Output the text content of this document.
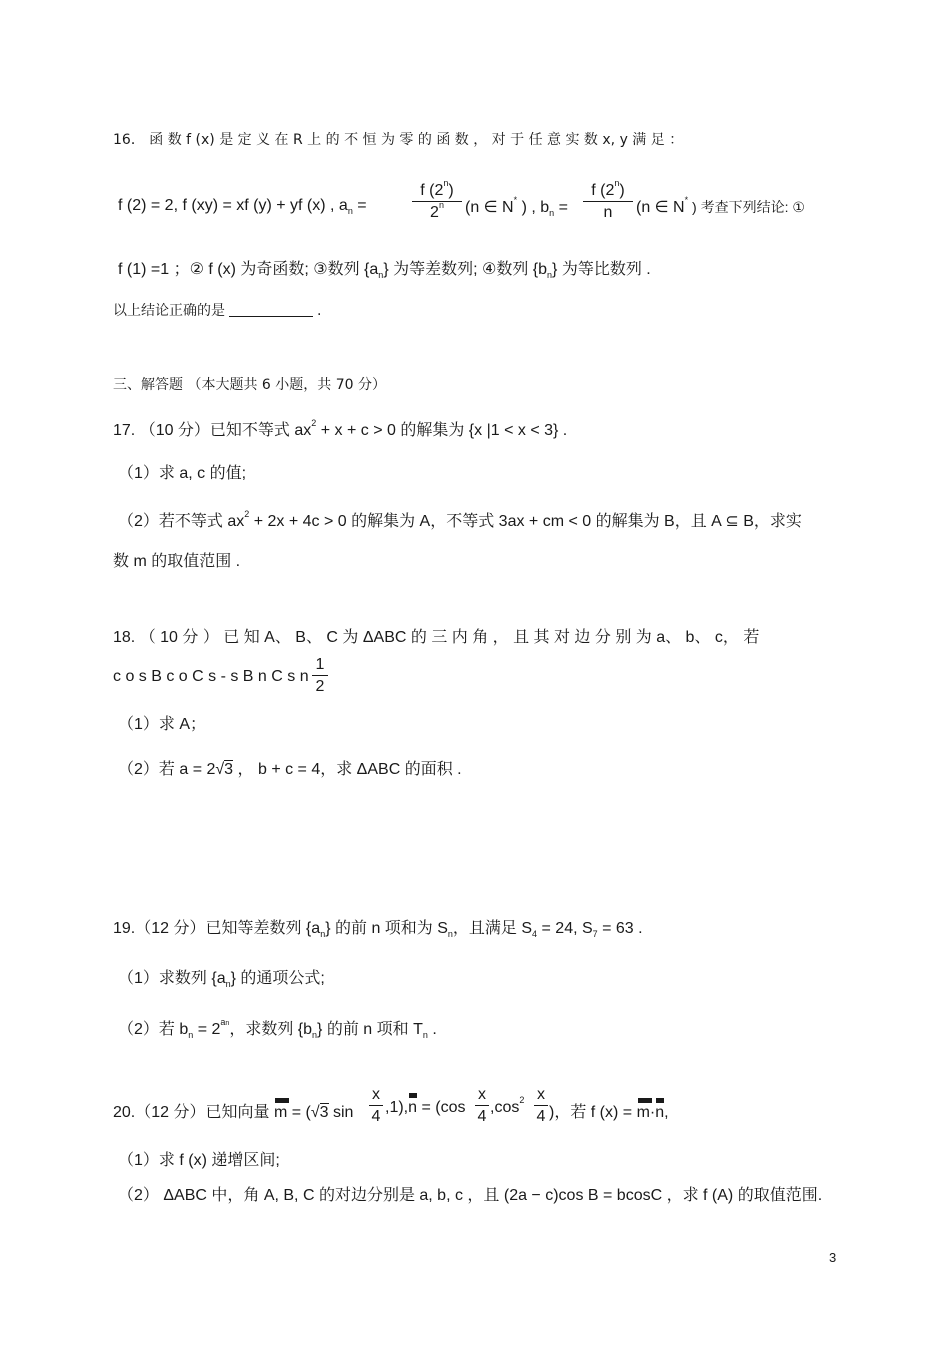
16． 函 数 f (x) 是 定 义 在 R 上 的 不 恒 为 零 的 函 数 ， 对 于 任 意 实 数 x, y 满 足 ：
f (2) = 2, f (xy) = xf (y) + yf (x) , $a_n$ =
f (2$^n$)
2$^n$	(n ∈ N* ) , $b_n$ =
f (2$^n$)
n	(n ∈ N* ) 考查下列结论: ①
f (1) =1 ；② f (x) 为奇函数; ③数列 $\{a_n\}$ 为等差数列; ④数列 $\{b_n\}$ 为等比数列 .
以上结论正确的是	.
三、解答题 （本大题共 6 小题，共 70 分）
17. （10 分）已知不等式 $ax^2 + x + c > 0$ 的解集为 {x |1 < x < 3} .
（1）求 a, c 的值;
（2）若不等式 $ax^2 + 2x + 4c > 0$ 的解集为 A，不等式 3ax + cm < 0 的解集为 B，且 A ⊆ B，求实
数 m 的取值范围 .
18. （ 10 分 ） 已 知 A、 B、 C 为 ΔABC 的 三 内 角 ， 且 其 对 边 分 别 为 a、 b、 c， 若
c o s B c o C s - s B n C s n
1
2
（1）求 A；
（2）若 a = 2√3 ， b + c = 4，求 ΔABC 的面积 .
19.（12 分）已知等差数列 $\{a_n\}$ 的前 n 项和为 $S_n$，且满足 $S_4 = 24$, $S_7 = 63$ .
（1）求数列 $\{a_n\}$ 的通项公式;
（2）若 $b_n = 2^{an}$，求数列 $\{b_n\}$ 的前 n 项和 $T_n$ .
20.（12 分）已知向量 m = (√3 sin
x
4
,1),
n = (cos
x
4
$,\cos^2$ x
4 )，若 f (x) = m·
n,
（1）求 f (x) 递增区间;
（2） ΔABC 中，角 A, B, C 的对边分别是 a, b, c ，且 (2a − c)cos B = bcosC ，求 f (A) 的取值范围.
3
